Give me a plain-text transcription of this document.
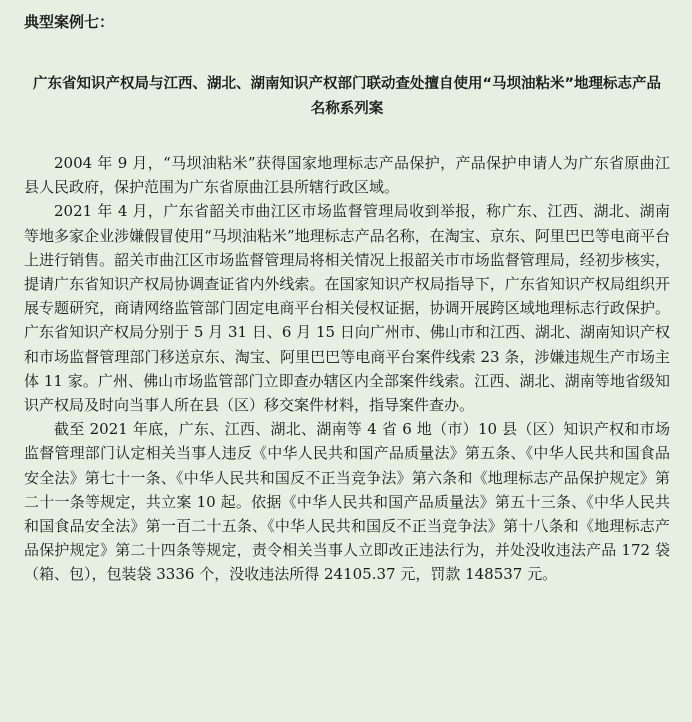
典型案例七：
广东省知识产权局与江西、湖北、湖南知识产权部门联动查处擅自使用“马坝油粘米”地理标志产品名称系列案

2004 年 9 月，“马坝油粘米”获得国家地理标志产品保护，产品保护申请人为广东省原曲江县人民政府，保护范围为广东省原曲江县所辖行政区域。

2021 年 4 月，广东省韶关市曲江区市场监督管理局收到举报，称广东、江西、湖北、湖南等地多家企业涉嫌假冒使用“马坝油粘米”地理标志产品名称，在淘宝、京东、阿里巴巴等电商平台上进行销售。韶关市曲江区市场监督管理局将相关情况上报韶关市市场监督管理局，经初步核实，提请广东省知识产权局协调查证省内外线索。在国家知识产权局指导下，广东省知识产权局组织开展专题研究，商请网络监管部门固定电商平台相关侵权证据，协调开展跨区域地理标志行政保护。广东省知识产权局分别于 5 月 31 日、6 月 15 日向广州市、佛山市和江西、湖北、湖南知识产权和市场监督管理部门移送京东、淘宝、阿里巴巴等电商平台案件线索 23 条，涉嫌违规生产市场主体 11 家。广州、佛山市场监管部门立即查办辖区内全部案件线索。江西、湖北、湖南等地省级知识产权局及时向当事人所在县（区）移交案件材料，指导案件查办。

截至 2021 年底，广东、江西、湖北、湖南等 4 省 6 地（市）10 县（区）知识产权和市场监督管理部门认定相关当事人违反《中华人民共和国产品质量法》第五条、《中华人民共和国食品安全法》第七十一条、《中华人民共和国反不正当竞争法》第六条和《地理标志产品保护规定》第二十一条等规定，共立案 10 起。依据《中华人民共和国产品质量法》第五十三条、《中华人民共和国食品安全法》第一百二十五条、《中华人民共和国反不正当竞争法》第十八条和《地理标志产品保护规定》第二十四条等规定，责令相关当事人立即改正违法行为，并处没收违法产品 172 袋（箱、包），包装袋 3336 个，没收违法所得 24105.37 元，罚款 148537 元。
